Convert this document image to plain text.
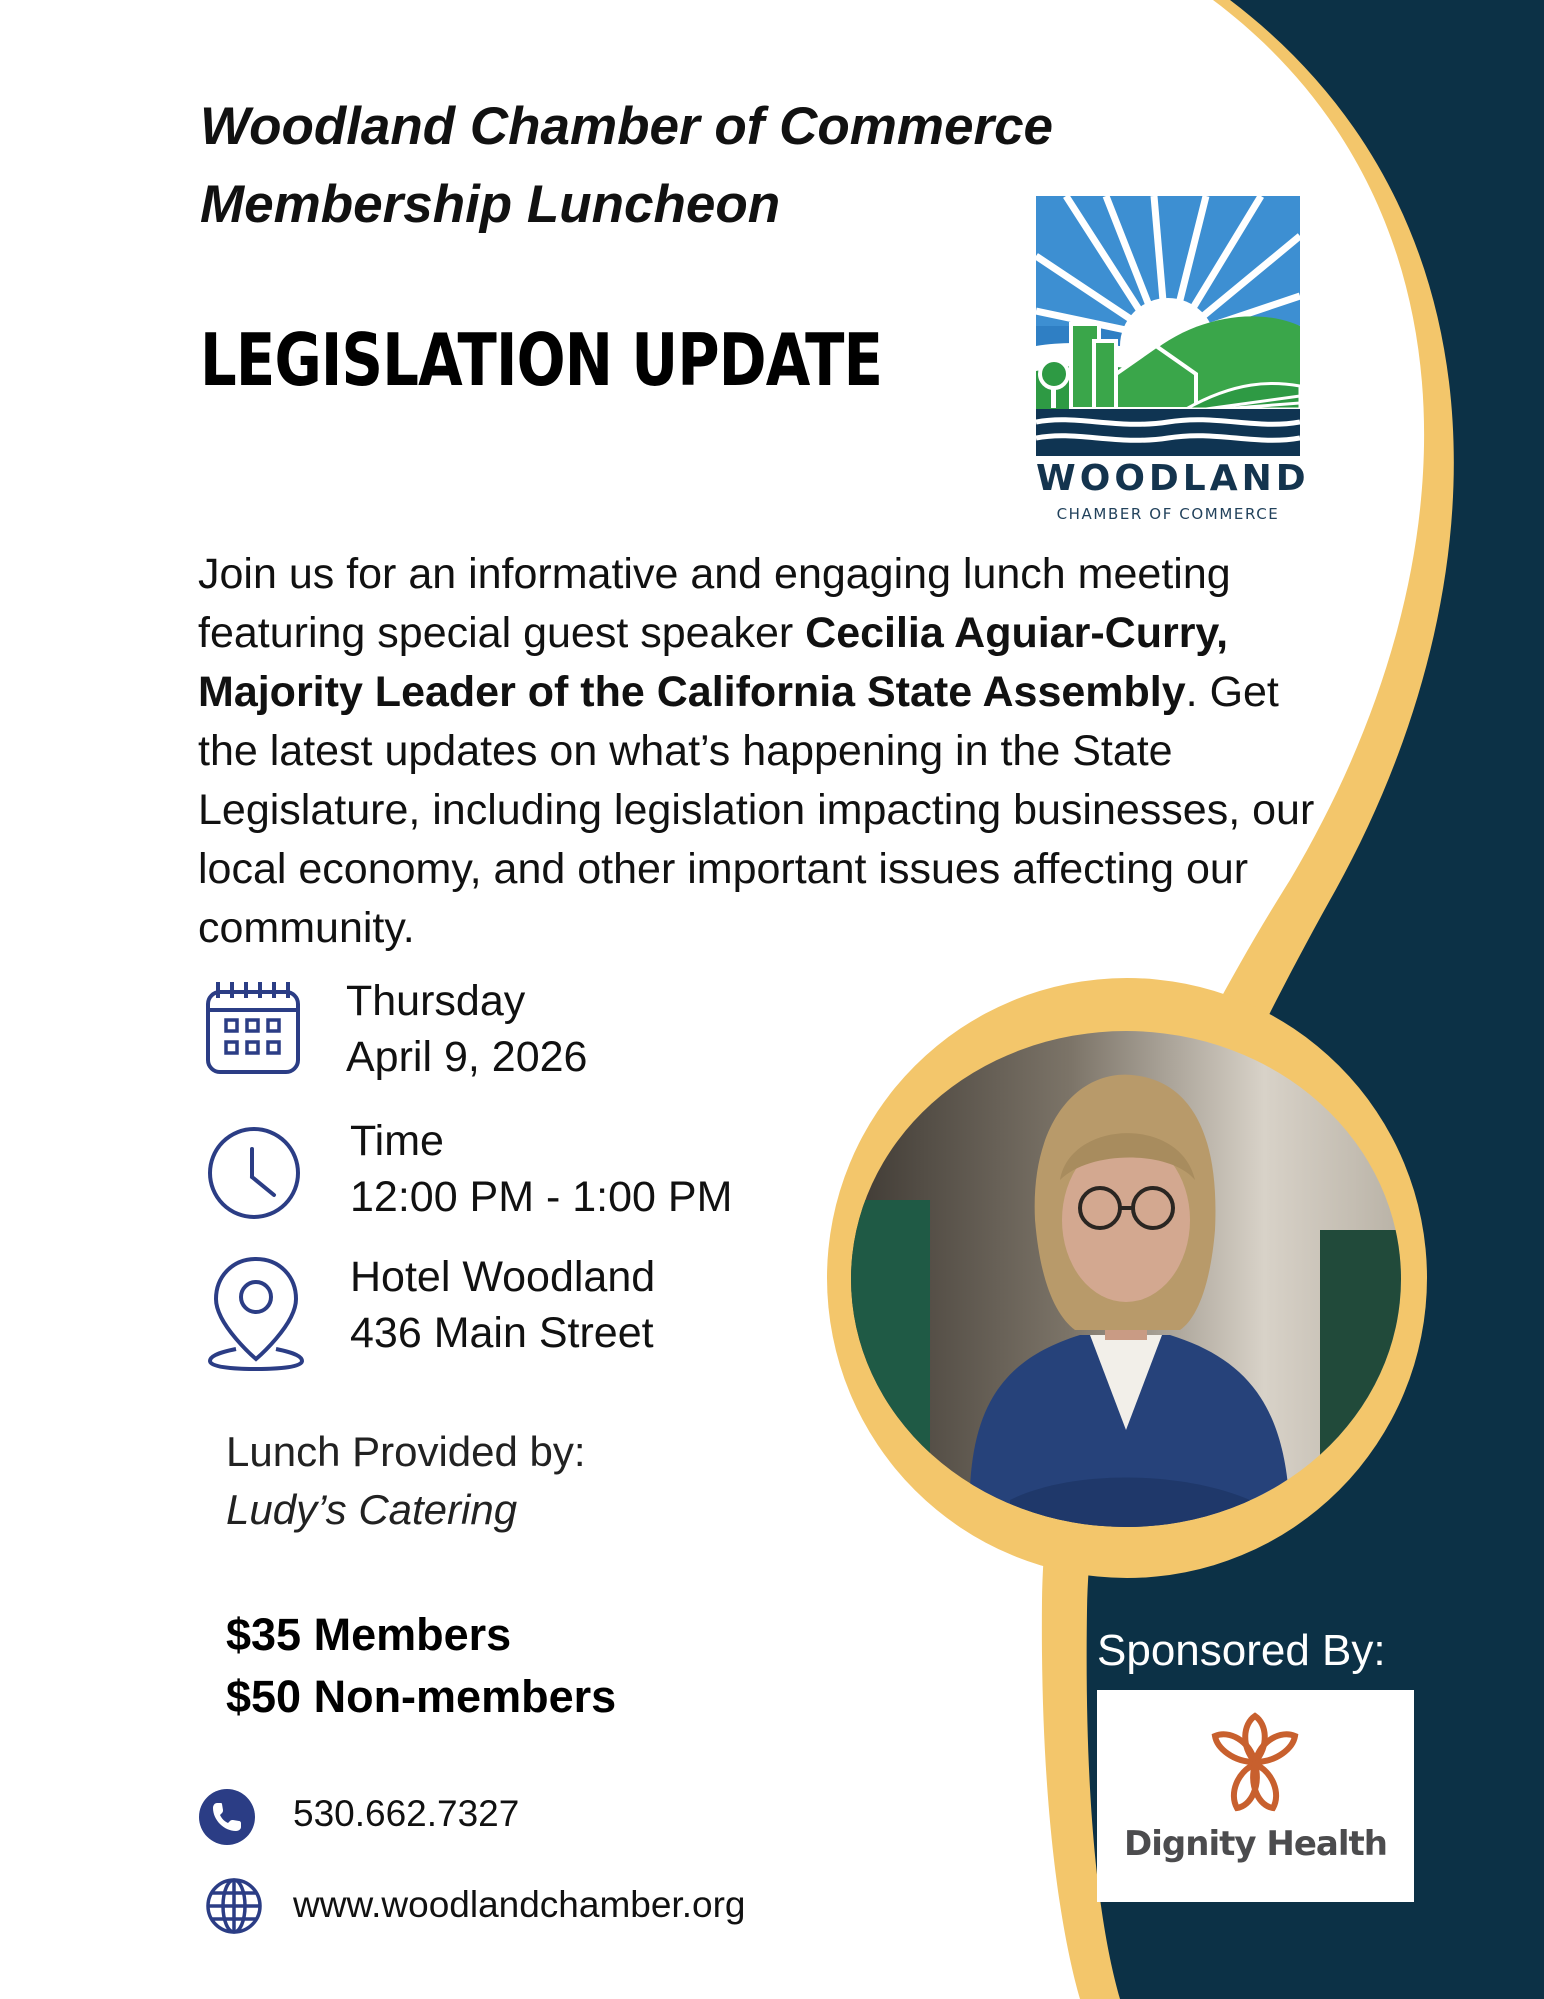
Woodland Chamber of Commerce
Membership Luncheon
LEGISLATION UPDATE
WOODLAND
CHAMBER OF COMMERCE
Join us for an informative and engaging lunch meeting featuring special guest speaker Cecilia Aguiar-Curry, Majority Leader of the California State Assembly. Get the latest updates on what’s happening in the State Legislature, including legislation impacting businesses, our local economy, and other important issues affecting our community.
Thursday
April 9, 2026
Time
12:00 PM - 1:00 PM
Hotel Woodland
436 Main Street
Lunch Provided by:
Ludy’s Catering
$35 Members
$50 Non-members
530.662.7327
www.woodlandchamber.org
Sponsored By:
Dignity Health
